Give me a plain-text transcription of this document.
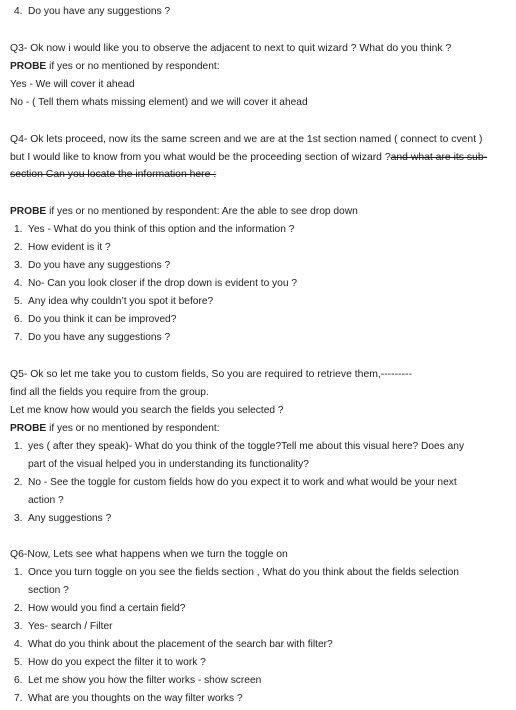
4. Do you have any suggestions ?
Q3- Ok now i would like you to observe the adjacent to next to quit wizard ? What do you think ?
PROBE if yes or no mentioned by respondent:
Yes - We will cover it ahead
No - ( Tell them whats missing element) and we will cover it ahead
Q4- Ok lets proceed, now its the same screen and we are at the 1st section named ( connect to cvent )
but I would like to know from you what would be the proceeding section of wizard ?and what are its sub-
section Can you locate the information here :
PROBE if yes or no mentioned by respondent: Are the able to see drop down
1. Yes - What do you think of this option and the information ?
2. How evident is it ?
3. Do you have any suggestions ?
4. No- Can you look closer if the drop down is evident to you ?
5. Any idea why couldn’t you spot it before?
6. Do you think it can be improved?
7. Do you have any suggestions ?
Q5- Ok so let me take you to custom fields, So you are required to retrieve them,---------
find all the fields you require from the group.
Let me know how would you search the fields you selected ?
PROBE if yes or no mentioned by respondent:
1. yes ( after they speak)- What do you think of the toggle?Tell me about this visual here? Does any
part of the visual helped you in understanding its functionality?
2. No - See the toggle for custom fields how do you expect it to work and what would be your next
action ?
3. Any suggestions ?
Q6-Now, Lets see what happens when we turn the toggle on
1. Once you turn toggle on you see the fields section , What do you think about the fields selection
section ?
2. How would you find a certain field?
3. Yes- search / Filter
4. What do you think about the placement of the search bar with filter?
5. How do you expect the filter it to work ?
6. Let me show you how the filter works - show screen
7. What are you thoughts on the way filter works ?
